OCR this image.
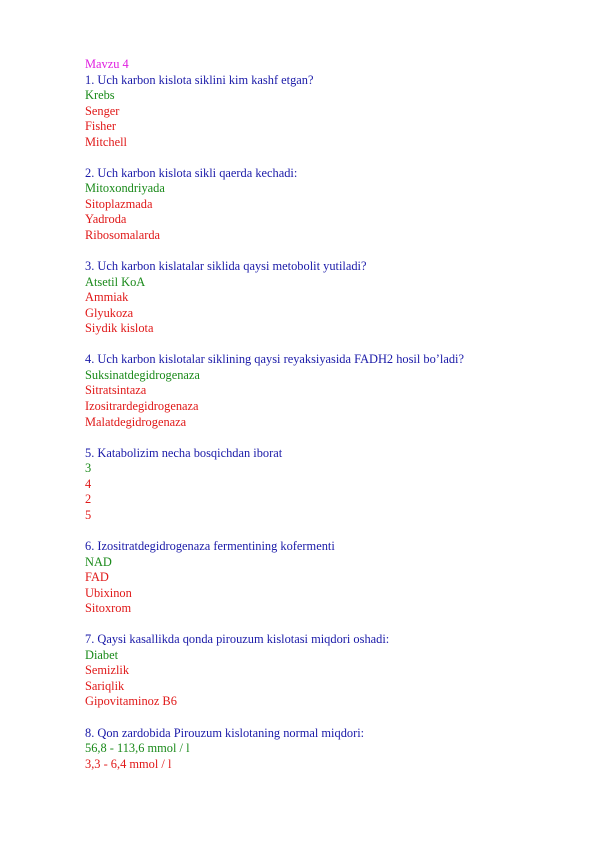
Mavzu 4
1. Uch karbon kislota siklini kim kashf etgan?
Krebs
Senger
Fisher
Mitchell
2. Uch karbon kislota sikli qaerda kechadi:
Mitoxondriyada
Sitoplazmada
Yadroda
Ribosomalarda
3. Uch karbon kislatalar siklida qaysi metobolit yutiladi?
Atsetil KoA
Ammiak
Glyukoza
Siydik kislota
4. Uch karbon kislotalar siklining qaysi reyaksiyasida FADH2 hosil bo’ladi?
Suksinatdegidrogenaza
Sitratsintaza
Izositrardegidrogenaza
Malatdegidrogenaza
5. Katabolizim necha bosqichdan iborat
3
4
2
5
6. Izositratdegidrogenaza fermentining kofermenti
NAD
FAD
Ubixinon
Sitoxrom
7. Qaysi kasallikda qonda pirouzum kislotasi miqdori oshadi:
Diabet
Semizlik
Sariqlik
Gipovitaminoz B6
8. Qon zardobida Pirouzum kislotaning normal miqdori:
56,8 - 113,6 mmol / l
3,3 - 6,4 mmol / l
